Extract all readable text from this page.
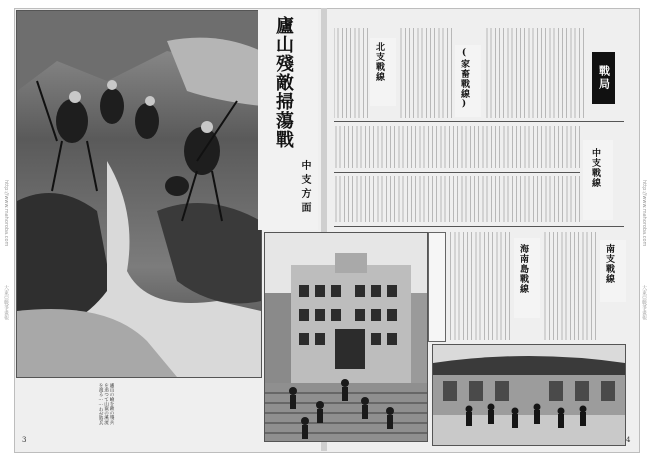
http://www.mahoroba.com
大東亞戰爭畫報
http://www.mahoroba.com
大東亞戰爭畫報
廬山殘敵掃蕩戰
中支方面
廬山の嶮を敵の殘兵を追つて山嶽の溪流を渡る……わが將兵
3
北支戰線	(家畜戰線)	戰局
中支戰線
海南島戰線	南支戰線
4
